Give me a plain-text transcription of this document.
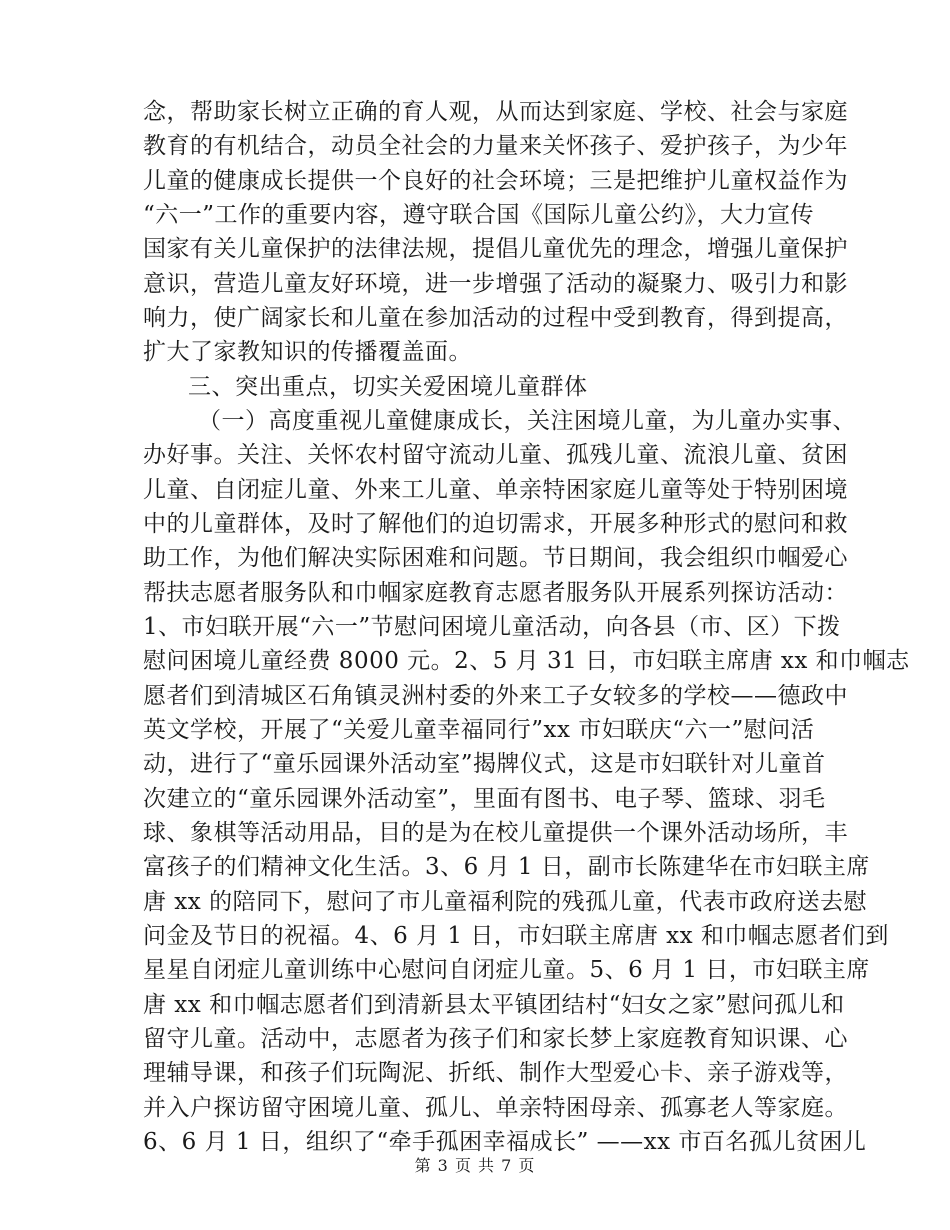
念，帮助家长树立正确的育人观，从而达到家庭、学校、社会与家庭
教育的有机结合，动员全社会的力量来关怀孩子、爱护孩子，为少年
儿童的健康成长提供一个良好的社会环境；三是把维护儿童权益作为
“六一”工作的重要内容，遵守联合国《国际儿童公约》，大力宣传
国家有关儿童保护的法律法规，提倡儿童优先的理念，增强儿童保护
意识，营造儿童友好环境，进一步增强了活动的凝聚力、吸引力和影
响力，使广阔家长和儿童在参加活动的过程中受到教育，得到提高，
扩大了家教知识的传播覆盖面。
三、突出重点，切实关爱困境儿童群体
（一）高度重视儿童健康成长，关注困境儿童，为儿童办实事、
办好事。关注、关怀农村留守流动儿童、孤残儿童、流浪儿童、贫困
儿童、自闭症儿童、外来工儿童、单亲特困家庭儿童等处于特别困境
中的儿童群体，及时了解他们的迫切需求，开展多种形式的慰问和救
助工作，为他们解决实际困难和问题。节日期间，我会组织巾帼爱心
帮扶志愿者服务队和巾帼家庭教育志愿者服务队开展系列探访活动：
1、市妇联开展“六一”节慰问困境儿童活动，向各县（市、区）下拨
慰问困境儿童经费 8000 元。2、5 月 31 日，市妇联主席唐 xx 和巾帼志
愿者们到清城区石角镇灵洲村委的外来工子女较多的学校——德政中
英文学校，开展了“关爱儿童幸福同行”xx 市妇联庆“六一”慰问活
动，进行了“童乐园课外活动室”揭牌仪式，这是市妇联针对儿童首
次建立的“童乐园课外活动室”，里面有图书、电子琴、篮球、羽毛
球、象棋等活动用品，目的是为在校儿童提供一个课外活动场所，丰
富孩子的们精神文化生活。3、6 月 1 日，副市长陈建华在市妇联主席
唐 xx 的陪同下，慰问了市儿童福利院的残孤儿童，代表市政府送去慰
问金及节日的祝福。4、6 月 1 日，市妇联主席唐 xx 和巾帼志愿者们到
星星自闭症儿童训练中心慰问自闭症儿童。5、6 月 1 日，市妇联主席
唐 xx 和巾帼志愿者们到清新县太平镇团结村“妇女之家”慰问孤儿和
留守儿童。活动中，志愿者为孩子们和家长梦上家庭教育知识课、心
理辅导课，和孩子们玩陶泥、折纸、制作大型爱心卡、亲子游戏等，
并入户探访留守困境儿童、孤儿、单亲特困母亲、孤寡老人等家庭。
6、6 月 1 日，组织了“牵手孤困幸福成长” ——xx 市百名孤儿贫困儿
第 3 页 共 7 页
